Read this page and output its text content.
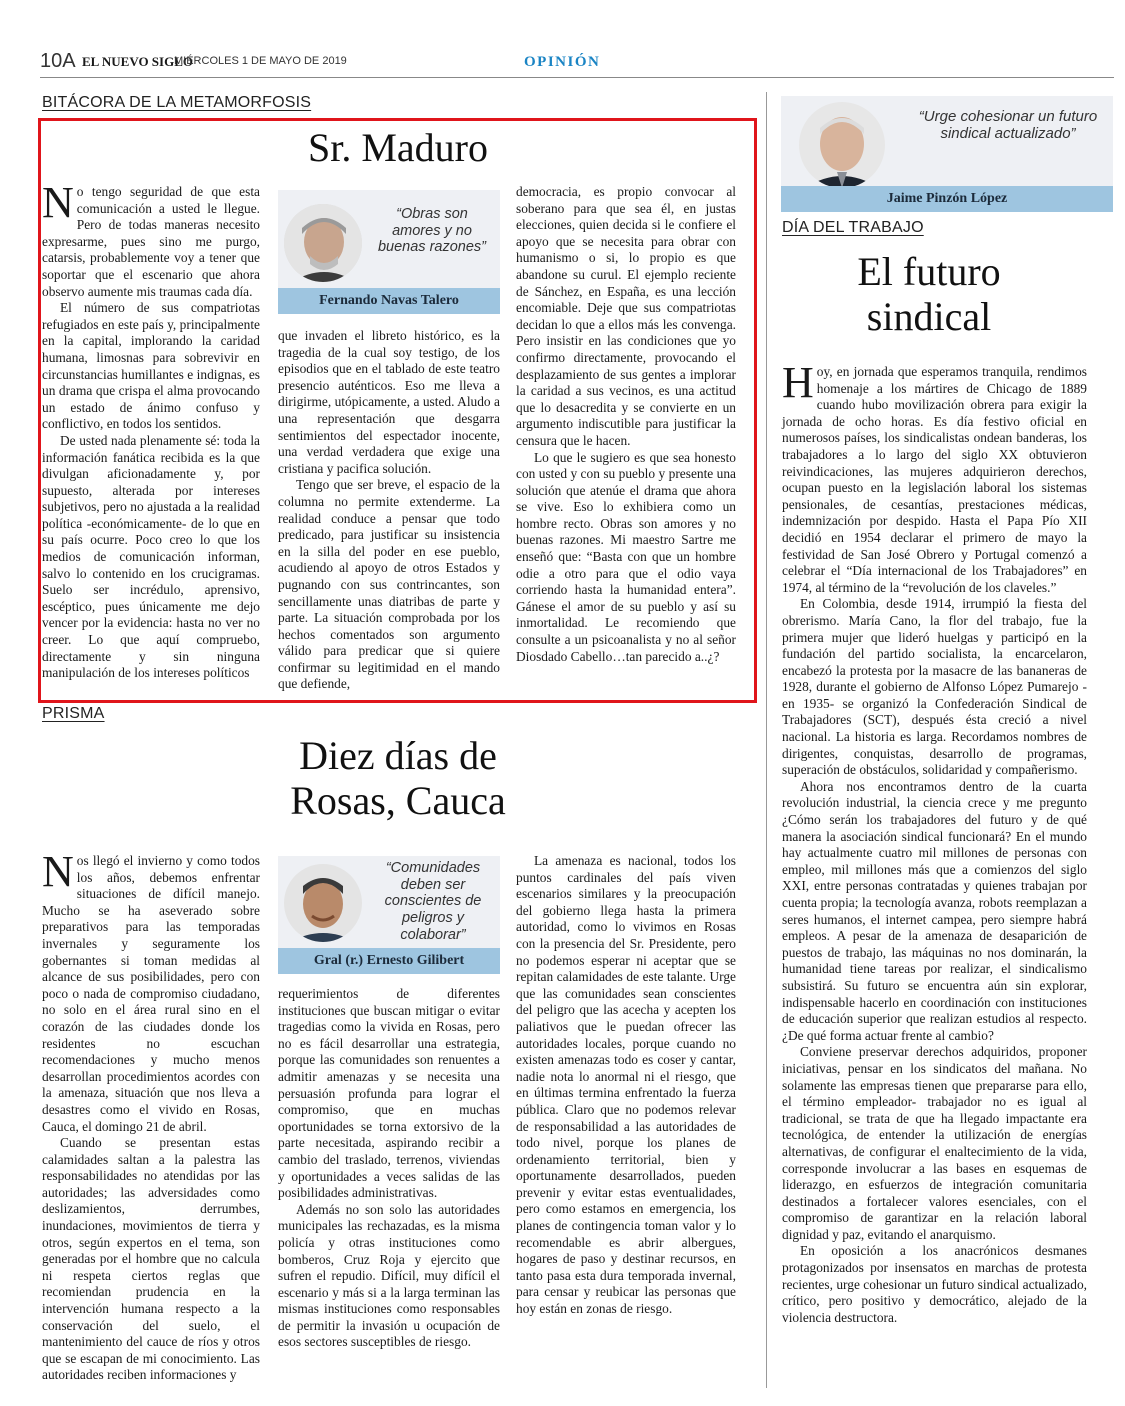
10A EL NUEVO SIGLO
MIÉRCOLES 1 DE MAYO DE 2019	OPINIÓN
BITÁCORA DE LA METAMORFOSIS
Sr. Maduro

No tengo seguridad de que esta comunicación a usted le llegue. Pero de todas maneras necesito expresarme, pues sino me purgo, catarsis, probablemente voy a tener que soportar que el escenario que ahora observo aumente mis traumas cada día.

El número de sus compatriotas refugiados en este país y, principalmente en la capital, implorando la caridad humana, limosnas para sobrevivir en circunstancias humillantes e indignas, es un drama que crispa el alma provocando un estado de ánimo confuso y conflictivo, en todos los sentidos.

De usted nada plenamente sé: toda la información fanática recibida es la que divulgan aficionadamente y, por supuesto, alterada por intereses subjetivos, pero no ajustada a la realidad política -económicamente- de lo que en su país ocurre. Poco creo lo que los medios de comunicación informan, salvo lo contenido en los crucigramas. Suelo ser incrédulo, aprensivo, escéptico, pues únicamente me dejo vencer por la evidencia: hasta no ver no creer. Lo que aquí compruebo, directamente y sin ninguna manipulación de los intereses políticos

“Obras son amores y no buenas razones”
Fernando Navas Talero

que invaden el libreto histórico, es la tragedia de la cual soy testigo, de los episodios que en el tablado de este teatro presencio auténticos. Eso me lleva a dirigirme, utópicamente, a usted. Aludo a una representación que desgarra sentimientos del espectador inocente, una verdad verdadera que exige una cristiana y pacifica solución.

Tengo que ser breve, el espacio de la columna no permite extenderme. La realidad conduce a pensar que todo predicado, para justificar su insistencia en la silla del poder en ese pueblo, acudiendo al apoyo de otros Estados y pugnando con sus contrincantes, son sencillamente unas diatribas de parte y parte. La situación comprobada por los hechos comentados son argumento válido para predicar que si quiere confirmar su legitimidad en el mando que defiende,

democracia, es propio convocar al soberano para que sea él, en justas elecciones, quien decida si le confiere el apoyo que se necesita para obrar con humanismo o si, lo propio es que abandone su curul. El ejemplo reciente de Sánchez, en España, es una lección encomiable. Deje que sus compatriotas decidan lo que a ellos más les convenga. Pero insistir en las condiciones que yo confirmo directamente, provocando el desplazamiento de sus gentes a implorar la caridad a sus vecinos, es una actitud que lo desacredita y se convierte en un argumento indiscutible para justificar la censura que le hacen.

Lo que le sugiero es que sea honesto con usted y con su pueblo y presente una solución que atenúe el drama que ahora se vive. Eso lo exhibiera como un hombre recto. Obras son amores y no buenas razones. Mi maestro Sartre me enseñó que: “Basta con que un hombre odie a otro para que el odio vaya corriendo hasta la humanidad entera”. Gánese el amor de su pueblo y así su inmortalidad. Le recomiendo que consulte a un psicoanalista y no al señor Diosdado Cabello…tan parecido a..¿?

PRISMA
Diez días de
Rosas, Cauca

Nos llegó el invierno y como todos los años, debemos enfrentar situaciones de difícil manejo. Mucho se ha aseverado sobre preparativos para las temporadas invernales y seguramente los gobernantes si toman medidas al alcance de sus posibilidades, pero con poco o nada de compromiso ciudadano, no solo en el área rural sino en el corazón de las ciudades donde los residentes no escuchan recomendaciones y mucho menos desarrollan procedimientos acordes con la amenaza, situación que nos lleva a desastres como el vivido en Rosas, Cauca, el domingo 21 de abril.

Cuando se presentan estas calamidades saltan a la palestra las responsabilidades no atendidas por las autoridades; las adversidades como deslizamientos, derrumbes, inundaciones, movimientos de tierra y otros, según expertos en el tema, son generadas por el hombre que no calcula ni respeta ciertos reglas que recomiendan prudencia en la intervención humana respecto a la conservación del suelo, el mantenimiento del cauce de ríos y otros que se escapan de mi conocimiento. Las autoridades reciben informaciones y

“Comunidades deben ser conscientes de peligros y colaborar”
Gral (r.) Ernesto Gilibert

requerimientos de diferentes instituciones que buscan mitigar o evitar tragedias como la vivida en Rosas, pero no es fácil desarrollar una estrategia, porque las comunidades son renuentes a admitir amenazas y se necesita una persuasión profunda para lograr el compromiso, que en muchas oportunidades se torna extorsivo de la parte necesitada, aspirando recibir a cambio del traslado, terrenos, viviendas y oportunidades a veces salidas de las posibilidades administrativas.

Además no son solo las autoridades municipales las rechazadas, es la misma policía y otras instituciones como bomberos, Cruz Roja y ejercito que sufren el repudio. Difícil, muy difícil el escenario y más si a la larga terminan las mismas instituciones como responsables de permitir la invasión u ocupación de esos sectores susceptibles de riesgo.

La amenaza es nacional, todos los puntos cardinales del país viven escenarios similares y la preocupación del gobierno llega hasta la primera autoridad, como lo vivimos en Rosas con la presencia del Sr. Presidente, pero no podemos esperar ni aceptar que se repitan calamidades de este talante. Urge que las comunidades sean conscientes del peligro que las acecha y acepten los paliativos que le puedan ofrecer las autoridades locales, porque cuando no existen amenazas todo es coser y cantar, nadie nota lo anormal ni el riesgo, que en últimas termina enfrentado la fuerza pública. Claro que no podemos relevar de responsabilidad a las autoridades de todo nivel, porque los planes de ordenamiento territorial, bien y oportunamente desarrollados, pueden prevenir y evitar estas eventualidades, pero como estamos en emergencia, los planes de contingencia toman valor y lo recomendable es abrir albergues, hogares de paso y destinar recursos, en tanto pasa esta dura temporada invernal, para censar y reubicar las personas que hoy están en zonas de riesgo.

“Urge cohesionar un futuro sindical actualizado”
Jaime Pinzón López
DÍA DEL TRABAJO
El futuro
sindical

Hoy, en jornada que esperamos tranquila, rendimos homenaje a los mártires de Chicago de 1889 cuando hubo movilización obrera para exigir la jornada de ocho horas. Es día festivo oficial en numerosos países, los sindicalistas ondean banderas, los trabajadores a lo largo del siglo XX obtuvieron reivindicaciones, las mujeres adquirieron derechos, ocupan puesto en la legislación laboral los sistemas pensionales, de cesantías, prestaciones médicas, indemnización por despido. Hasta el Papa Pío XII decidió en 1954 declarar el primero de mayo la festividad de San José Obrero y Portugal comenzó a celebrar el “Día internacional de los Trabajadores” en 1974, al término de la “revolución de los claveles.”

En Colombia, desde 1914, irrumpió la fiesta del obrerismo. María Cano, la flor del trabajo, fue la primera mujer que lideró huelgas y participó en la fundación del partido socialista, la encarcelaron, encabezó la protesta por la masacre de las bananeras de 1928, durante el gobierno de Alfonso López Pumarejo -en 1935- se organizó la Confederación Sindical de Trabajadores (SCT), después ésta creció a nivel nacional. La historia es larga. Recordamos nombres de dirigentes, conquistas, desarrollo de programas, superación de obstáculos, solidaridad y compañerismo.

Ahora nos encontramos dentro de la cuarta revolución industrial, la ciencia crece y me pregunto ¿Cómo serán los trabajadores del futuro y de qué manera la asociación sindical funcionará? En el mundo hay actualmente cuatro mil millones de personas con empleo, mil millones más que a comienzos del siglo XXI, entre personas contratadas y quienes trabajan por cuenta propia; la tecnología avanza, robots reemplazan a seres humanos, el internet campea, pero siempre habrá empleos. A pesar de la amenaza de desaparición de puestos de trabajo, las máquinas no nos dominarán, la humanidad tiene tareas por realizar, el sindicalismo subsistirá. Su futuro se encuentra aún sin explorar, indispensable hacerlo en coordinación con instituciones de educación superior que realizan estudios al respecto. ¿De qué forma actuar frente al cambio?

Conviene preservar derechos adquiridos, proponer iniciativas, pensar en los sindicatos del mañana. No solamente las empresas tienen que prepararse para ello, el término empleador- trabajador no es igual al tradicional, se trata de que ha llegado impactante era tecnológica, de entender la utilización de energías alternativas, de configurar el enaltecimiento de la vida, corresponde involucrar a las bases en esquemas de liderazgo, en esfuerzos de integración comunitaria destinados a fortalecer valores esenciales, con el compromiso de garantizar en la relación laboral dignidad y paz, evitando el anarquismo.

En oposición a los anacrónicos desmanes protagonizados por insensatos en marchas de protesta recientes, urge cohesionar un futuro sindical actualizado, crítico, pero positivo y democrático, alejado de la violencia destructora.
